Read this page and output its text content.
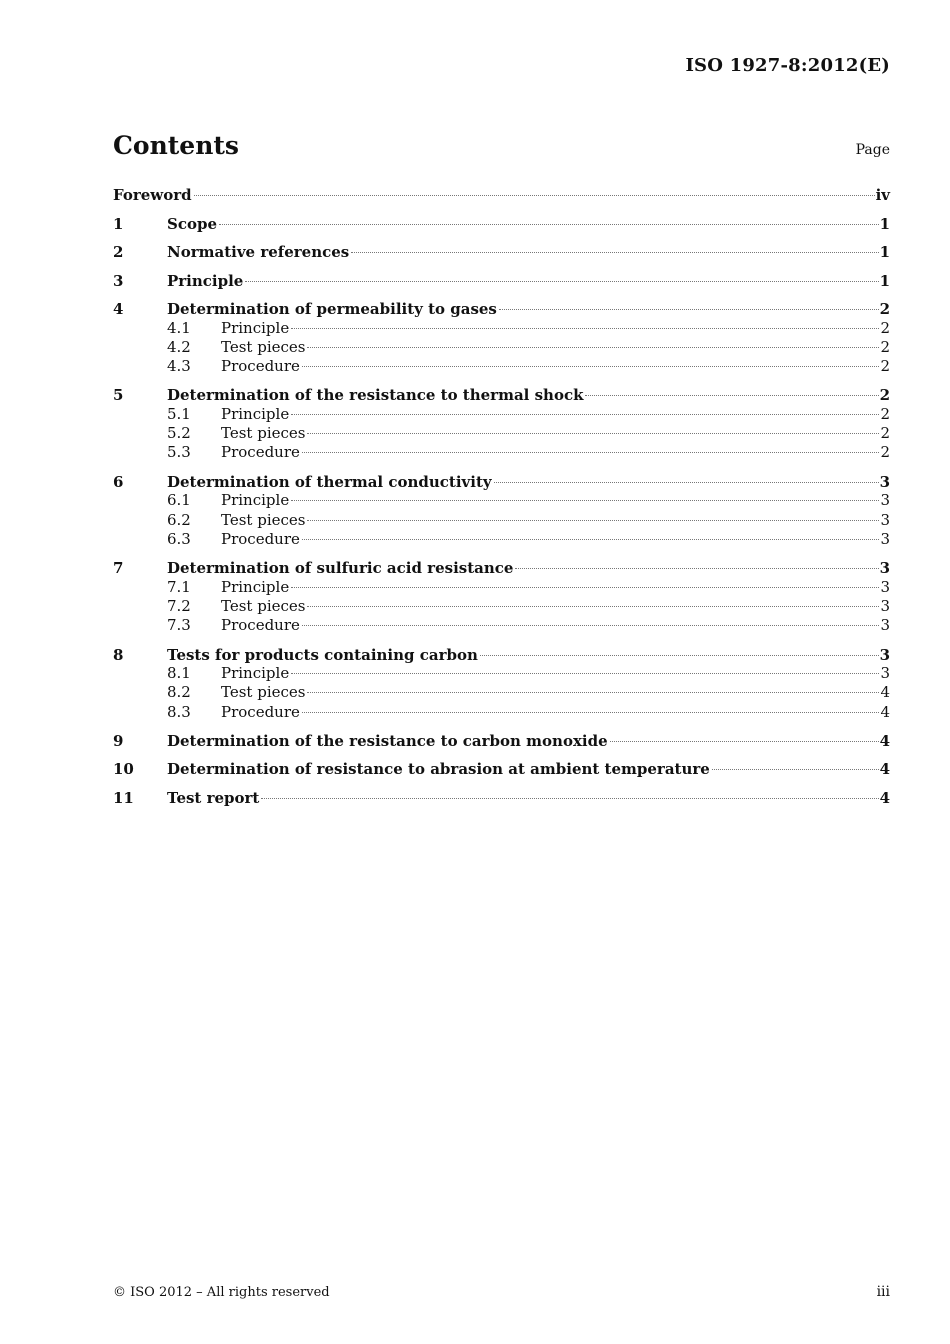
ISO 1927-8:2012(E)
Contents	Page
Foreword	iv
1	Scope	1
2	Normative references	1
3	Principle	1
4	Determination of permeability to gases	2
4.1	Principle	2
4.2	Test pieces	2
4.3	Procedure	2
5	Determination of the resistance to thermal shock	2
5.1	Principle	2
5.2	Test pieces	2
5.3	Procedure	2
6	Determination of thermal conductivity	3
6.1	Principle	3
6.2	Test pieces	3
6.3	Procedure	3
7	Determination of sulfuric acid resistance	3
7.1	Principle	3
7.2	Test pieces	3
7.3	Procedure	3
8	Tests for products containing carbon	3
8.1	Principle	3
8.2	Test pieces	4
8.3	Procedure	4
9	Determination of the resistance to carbon monoxide	4
10	Determination of resistance to abrasion at ambient temperature	4
11	Test report	4
© ISO 2012 – All rights reserved	iii
